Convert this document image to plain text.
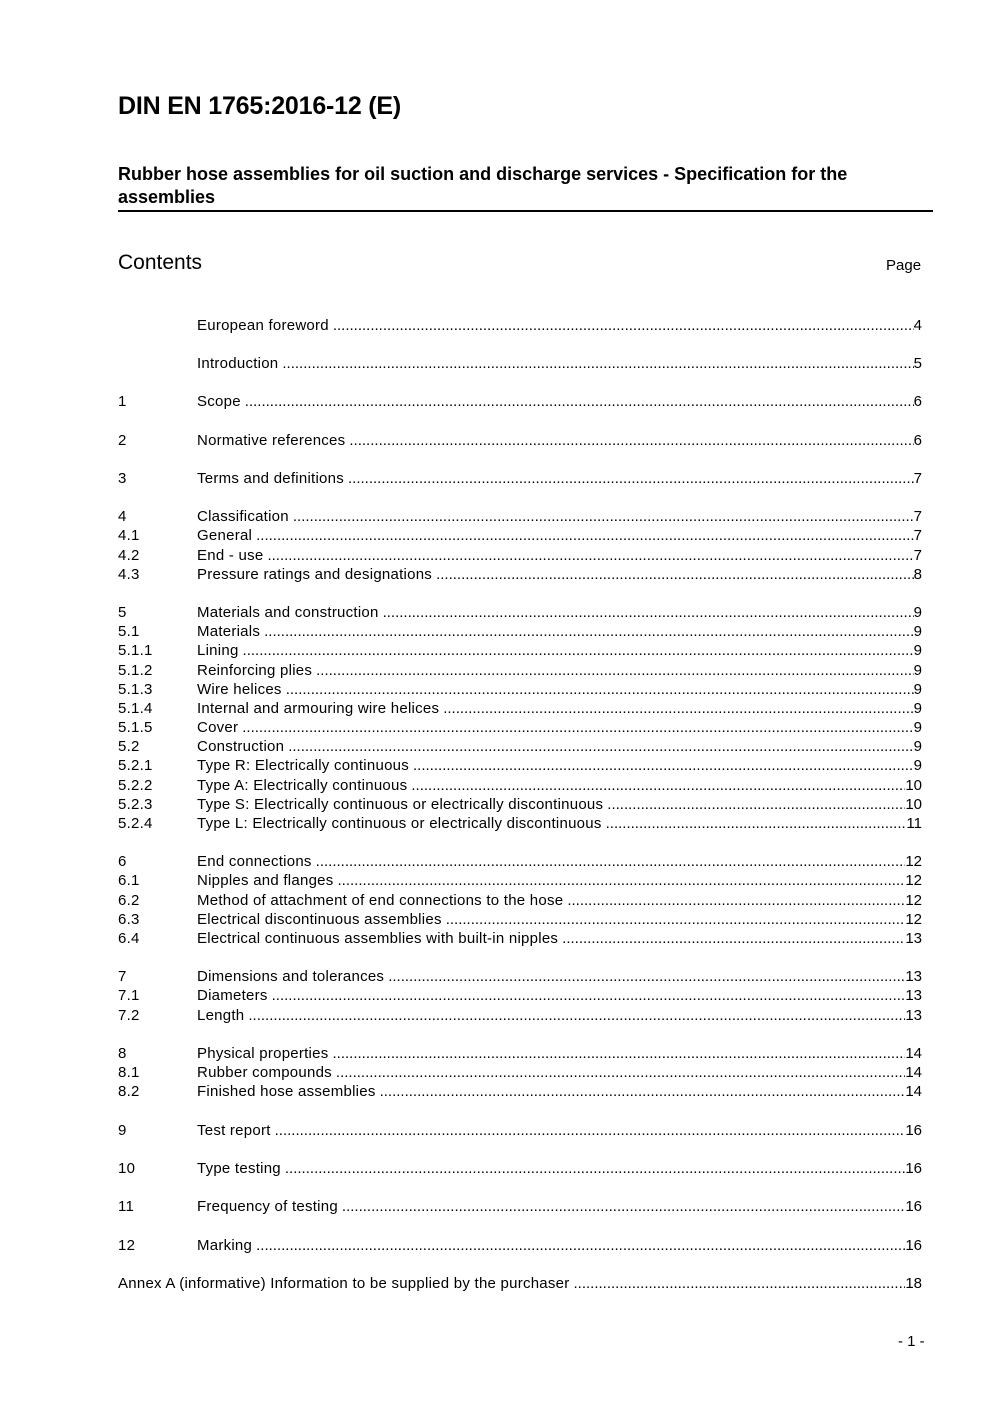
DIN EN 1765:2016-12 (E)
Rubber hose assemblies for oil suction and discharge services - Specification for the assemblies
Contents	Page
European foreword .....	4
Introduction .....	5
1	Scope .....	6
2	Normative references .....	6
3	Terms and definitions .....	7
4	Classification .....	7
4.1	General .....	7
4.2	End - use .....	7
4.3	Pressure ratings and designations .....	8
5	Materials and construction .....	9
5.1	Materials .....	9
5.1.1	Lining .....	9
5.1.2	Reinforcing plies .....	9
5.1.3	Wire helices .....	9
5.1.4	Internal and armouring wire helices .....	9
5.1.5	Cover .....	9
5.2	Construction .....	9
5.2.1	Type R: Electrically continuous .....	9
5.2.2	Type A: Electrically continuous .....	10
5.2.3	Type S: Electrically continuous or electrically discontinuous .....	10
5.2.4	Type L: Electrically continuous or electrically discontinuous .....	11
6	End connections .....	12
6.1	Nipples and flanges .....	12
6.2	Method of attachment of end connections to the hose .....	12
6.3	Electrical discontinuous assemblies .....	12
6.4	Electrical continuous assemblies with built-in nipples .....	13
7	Dimensions and tolerances .....	13
7.1	Diameters .....	13
7.2	Length .....	13
8	Physical properties .....	14
8.1	Rubber compounds .....	14
8.2	Finished hose assemblies .....	14
9	Test report .....	16
10	Type testing .....	16
11	Frequency of testing .....	16
12	Marking .....	16
Annex A (informative) Information to be supplied by the purchaser .....	18
- 1 -
